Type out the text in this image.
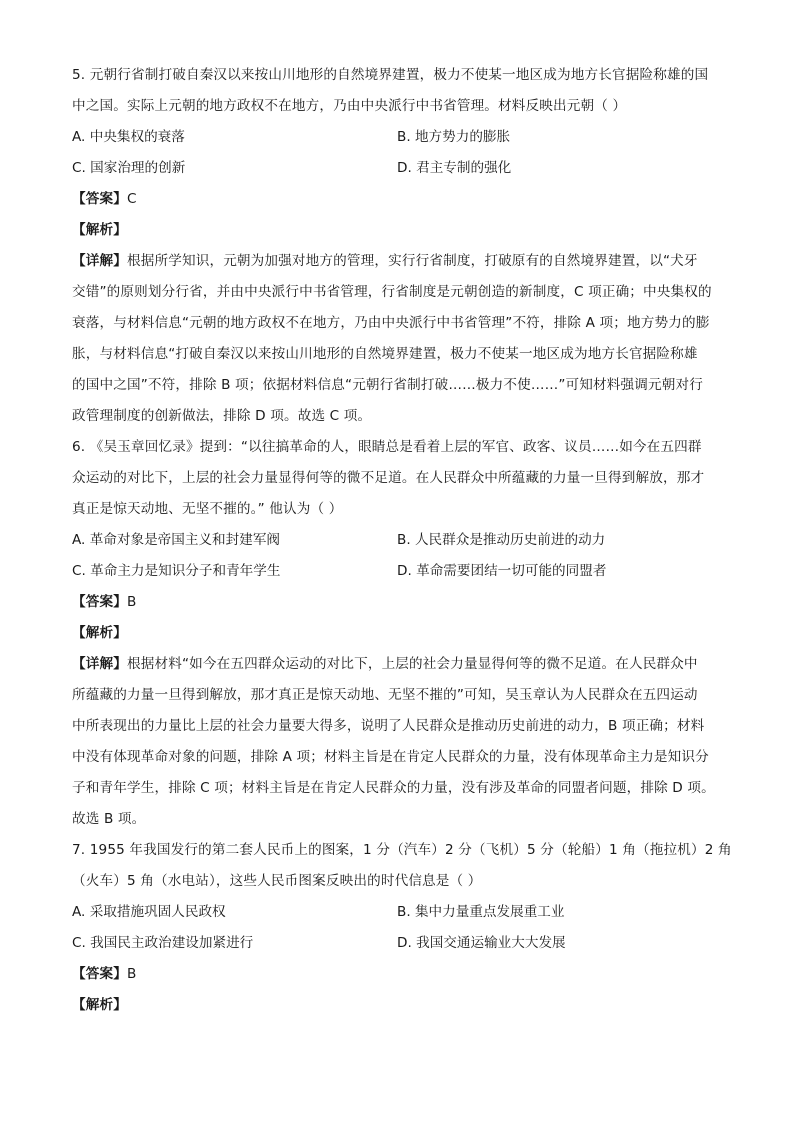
5. 元朝行省制打破自秦汉以来按山川地形的自然境界建置，极力不使某一地区成为地方长官据险称雄的国
中之国。实际上元朝的地方政权不在地方，乃由中央派行中书省管理。材料反映出元朝（ ）
A. 中央集权的衰落	B. 地方势力的膨胀
C. 国家治理的创新	D. 君主专制的强化
【答案】C
【解析】
【详解】根据所学知识，元朝为加强对地方的管理，实行行省制度，打破原有的自然境界建置，以“犬牙
交错”的原则划分行省，并由中央派行中书省管理，行省制度是元朝创造的新制度，C 项正确；中央集权的
衰落，与材料信息“元朝的地方政权不在地方，乃由中央派行中书省管理”不符，排除 A 项；地方势力的膨
胀，与材料信息“打破自秦汉以来按山川地形的自然境界建置，极力不使某一地区成为地方长官据险称雄
的国中之国”不符，排除 B 项；依据材料信息“元朝行省制打破……极力不使……”可知材料强调元朝对行
政管理制度的创新做法，排除 D 项。故选 C 项。
6. 《吴玉章回忆录》提到：“以往搞革命的人，眼睛总是看着上层的军官、政客、议员……如今在五四群
众运动的对比下，上层的社会力量显得何等的微不足道。在人民群众中所蕴藏的力量一旦得到解放，那才
真正是惊天动地、无坚不摧的。” 他认为（ ）
A. 革命对象是帝国主义和封建军阀	B. 人民群众是推动历史前进的动力
C. 革命主力是知识分子和青年学生	D. 革命需要团结一切可能的同盟者
【答案】B
【解析】
【详解】根据材料“如今在五四群众运动的对比下，上层的社会力量显得何等的微不足道。在人民群众中
所蕴藏的力量一旦得到解放，那才真正是惊天动地、无坚不摧的”可知，吴玉章认为人民群众在五四运动
中所表现出的力量比上层的社会力量要大得多，说明了人民群众是推动历史前进的动力，B 项正确；材料
中没有体现革命对象的问题，排除 A 项；材料主旨是在肯定人民群众的力量，没有体现革命主力是知识分
子和青年学生，排除 C 项；材料主旨是在肯定人民群众的力量，没有涉及革命的同盟者问题，排除 D 项。
故选 B 项。
7. 1955 年我国发行的第二套人民币上的图案，1 分（汽车）2 分（飞机）5 分（轮船）1 角（拖拉机）2 角
（火车）5 角（水电站），这些人民币图案反映出的时代信息是（ ）
A. 采取措施巩固人民政权	B. 集中力量重点发展重工业
C. 我国民主政治建设加紧进行	D. 我国交通运输业大大发展
【答案】B
【解析】
